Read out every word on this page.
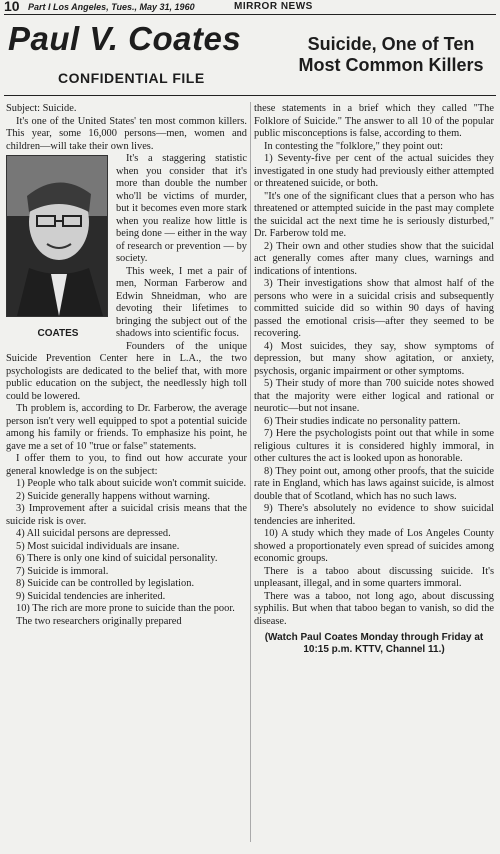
10 Part I Los Angeles, Tues., May 31, 1960	MIRROR NEWS
Paul V. Coates
CONFIDENTIAL FILE
Suicide, One of Ten Most Common Killers

Subject: Suicide.

It's one of the United States' ten most common killers. This year, some 16,000 persons—men, women and children—will take their own lives.

COATES

It's a staggering statistic when you consider that it's more than double the number who'll be victims of murder, but it becomes even more stark when you realize how little is being done — either in the way of research or prevention — by society.

This week, I met a pair of men, Norman Farberow and Edwin Shneidman, who are devoting their lifetimes to bringing the subject out of the shadows into scientific focus.

Founders of the unique Suicide Prevention Center here in L.A., the two psychologists are dedicated to the belief that, with more public education on the subject, the needlessly high toll could be lowered.

Th problem is, according to Dr. Farberow, the average person isn't very well equipped to spot a potential suicide among his family or friends. To emphasize his point, he gave me a set of 10 "true or false" statements.

I offer them to you, to find out how accurate your general knowledge is on the subject:

1) People who talk about suicide won't commit suicide.

2) Suicide generally happens without warning.

3) Improvement after a suicidal crisis means that the suicide risk is over.

4) All suicidal persons are depressed.

5) Most suicidal individuals are insane.

6) There is only one kind of suicidal personality.

7) Suicide is immoral.

8) Suicide can be controlled by legislation.

9) Suicidal tendencies are inherited.

10) The rich are more prone to suicide than the poor.

The two researchers originally prepared

these statements in a brief which they called "The Folklore of Suicide." The answer to all 10 of the popular public misconceptions is false, according to them.

In contesting the "folklore," they point out:

1) Seventy-five per cent of the actual suicides they investigated in one study had previously either attempted or threatened suicide, or both.

"It's one of the significant clues that a person who has threatened or attempted suicide in the past may complete the suicidal act the next time he is seriously disturbed," Dr. Farberow told me.

2) Their own and other studies show that the suicidal act generally comes after many clues, warnings and indications of intentions.

3) Their investigations show that almost half of the persons who were in a suicidal crisis and subsequently committed suicide did so within 90 days of having passed the emotional crisis—after they seemed to be recovering.

4) Most suicides, they say, show symptoms of depression, but many show agitation, or anxiety, psychosis, organic impairment or other symptoms.

5) Their study of more than 700 suicide notes showed that the majority were either logical and rational or neurotic—but not insane.

6) Their studies indicate no personality pattern.

7) Here the psychologists point out that while in some religious cultures it is considered highly immoral, in other cultures the act is looked upon as honorable.

8) They point out, among other proofs, that the suicide rate in England, which has laws against suicide, is almost double that of Scotland, which has no such laws.

9) There's absolutely no evidence to show suicidal tendencies are inherited.

10) A study which they made of Los Angeles County showed a proportionately even spread of suicides among economic groups.

There is a taboo about discussing suicide. It's unpleasant, illegal, and in some quarters immoral.

There was a taboo, not long ago, about discussing syphilis. But when that taboo began to vanish, so did the disease.

(Watch Paul Coates Monday through Friday at 10:15 p.m. KTTV, Channel 11.)
